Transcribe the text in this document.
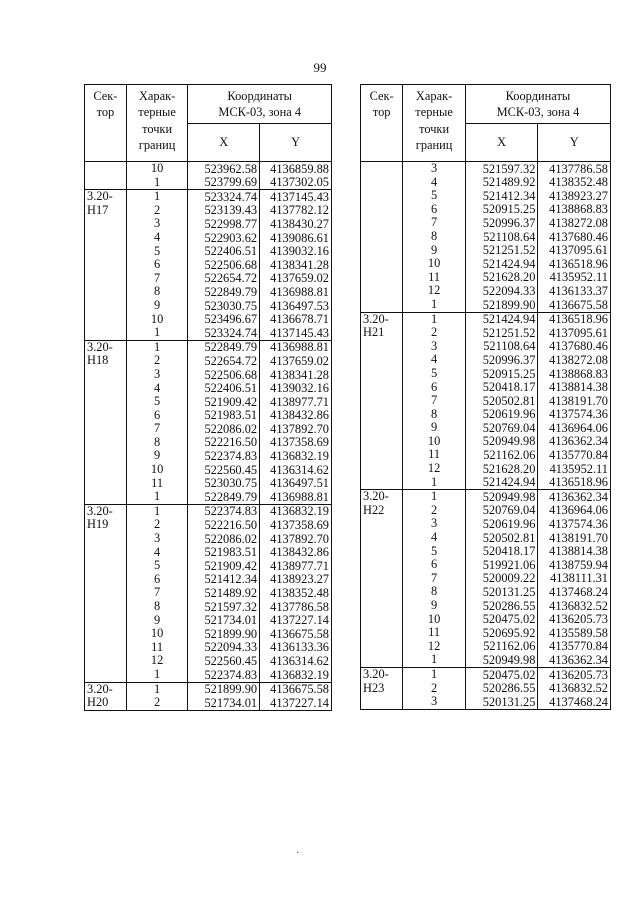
99
Сек-
тор	Харак-
терные
точки
границ	Координаты
МСК-03, зона 4	
		X	Y
	10	523962.58	4136859.88
	1	523799.69	4137302.05
3.20-	1	523324.74	4137145.43
Н17	2	523139.43	4137782.12
	3	522998.77	4138430.27
	4	522903.62	4139086.61
	5	522406.51	4139032.16
	6	522506.68	4138341.28
	7	522654.72	4137659.02
	8	522849.79	4136988.81
	9	523030.75	4136497.53
	10	523496.67	4136678.71
	1	523324.74	4137145.43
3.20-	1	522849.79	4136988.81
Н18	2	522654.72	4137659.02
	3	522506.68	4138341.28
	4	522406.51	4139032.16
	5	521909.42	4138977.71
	6	521983.51	4138432.86
	7	522086.02	4137892.70
	8	522216.50	4137358.69
	9	522374.83	4136832.19
	10	522560.45	4136314.62
	11	523030.75	4136497.51
	1	522849.79	4136988.81
3.20-	1	522374.83	4136832.19
Н19	2	522216.50	4137358.69
	3	522086.02	4137892.70
	4	521983.51	4138432.86
	5	521909.42	4138977.71
	6	521412.34	4138923.27
	7	521489.92	4138352.48
	8	521597.32	4137786.58
	9	521734.01	4137227.14
	10	521899.90	4136675.58
	11	522094.33	4136133.36
	12	522560.45	4136314.62
	1	522374.83	4136832.19
3.20-	1	521899.90	4136675.58
Н20	2	521734.01	4137227.14
Сек-
тор	Харак-
терные
точки
границ	Координаты
МСК-03, зона 4	
		X	Y
	3	521597.32	4137786.58
	4	521489.92	4138352.48
	5	521412.34	4138923.27
	6	520915.25	4138868.83
	7	520996.37	4138272.08
	8	521108.64	4137680.46
	9	521251.52	4137095.61
	10	521424.94	4136518.96
	11	521628.20	4135952.11
	12	522094.33	4136133.37
	1	521899.90	4136675.58
3.20-	1	521424.94	4136518.96
Н21	2	521251.52	4137095.61
	3	521108.64	4137680.46
	4	520996.37	4138272.08
	5	520915.25	4138868.83
	6	520418.17	4138814.38
	7	520502.81	4138191.70
	8	520619.96	4137574.36
	9	520769.04	4136964.06
	10	520949.98	4136362.34
	11	521162.06	4135770.84
	12	521628.20	4135952.11
	1	521424.94	4136518.96
3.20-	1	520949.98	4136362.34
Н22	2	520769.04	4136964.06
	3	520619.96	4137574.36
	4	520502.81	4138191.70
	5	520418.17	4138814.38
	6	519921.06	4138759.94
	7	520009.22	4138111.31
	8	520131.25	4137468.24
	9	520286.55	4136832.52
	10	520475.02	4136205.73
	11	520695.92	4135589.58
	12	521162.06	4135770.84
	1	520949.98	4136362.34
3.20-	1	520475.02	4136205.73
Н23	2	520286.55	4136832.52
	3	520131.25	4137468.24
·
